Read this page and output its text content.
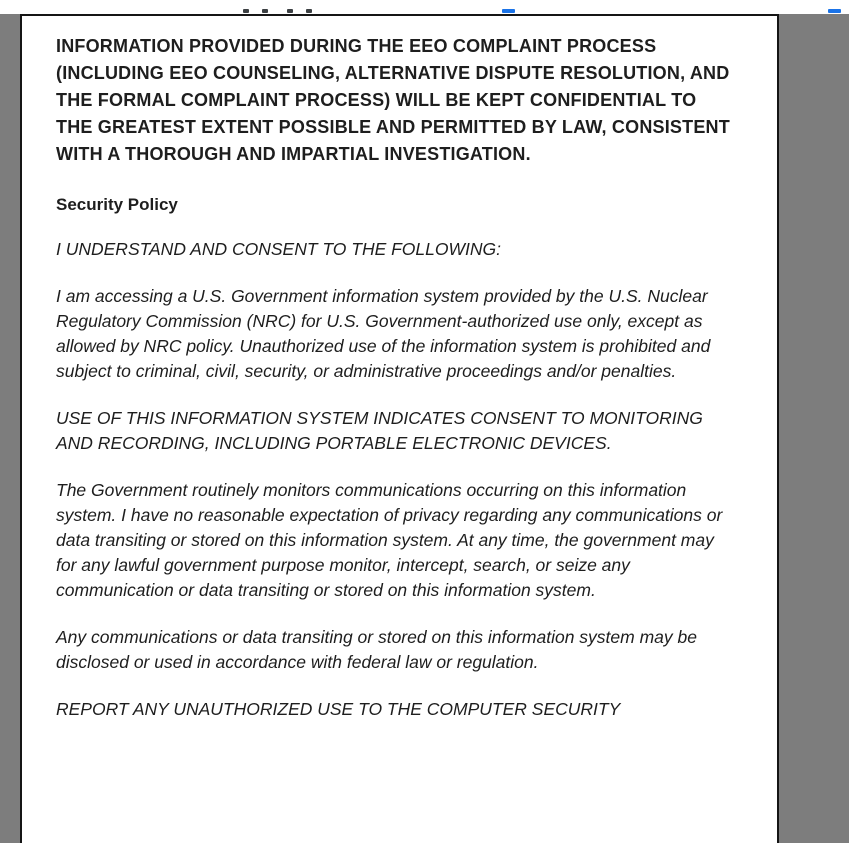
INFORMATION PROVIDED DURING THE EEO COMPLAINT PROCESS (INCLUDING EEO COUNSELING, ALTERNATIVE DISPUTE RESOLUTION, AND THE FORMAL COMPLAINT PROCESS) WILL BE KEPT CONFIDENTIAL TO THE GREATEST EXTENT POSSIBLE AND PERMITTED BY LAW, CONSISTENT WITH A THOROUGH AND IMPARTIAL INVESTIGATION.

Security Policy

I UNDERSTAND AND CONSENT TO THE FOLLOWING:

I am accessing a U.S. Government information system provided by the U.S. Nuclear Regulatory Commission (NRC) for U.S. Government-authorized use only, except as allowed by NRC policy. Unauthorized use of the information system is prohibited and subject to criminal, civil, security, or administrative proceedings and/or penalties.

USE OF THIS INFORMATION SYSTEM INDICATES CONSENT TO MONITORING AND RECORDING, INCLUDING PORTABLE ELECTRONIC DEVICES.

The Government routinely monitors communications occurring on this information system. I have no reasonable expectation of privacy regarding any communications or data transiting or stored on this information system. At any time, the government may for any lawful government purpose monitor, intercept, search, or seize any communication or data transiting or stored on this information system.

Any communications or data transiting or stored on this information system may be disclosed or used in accordance with federal law or regulation.

REPORT ANY UNAUTHORIZED USE TO THE COMPUTER SECURITY
